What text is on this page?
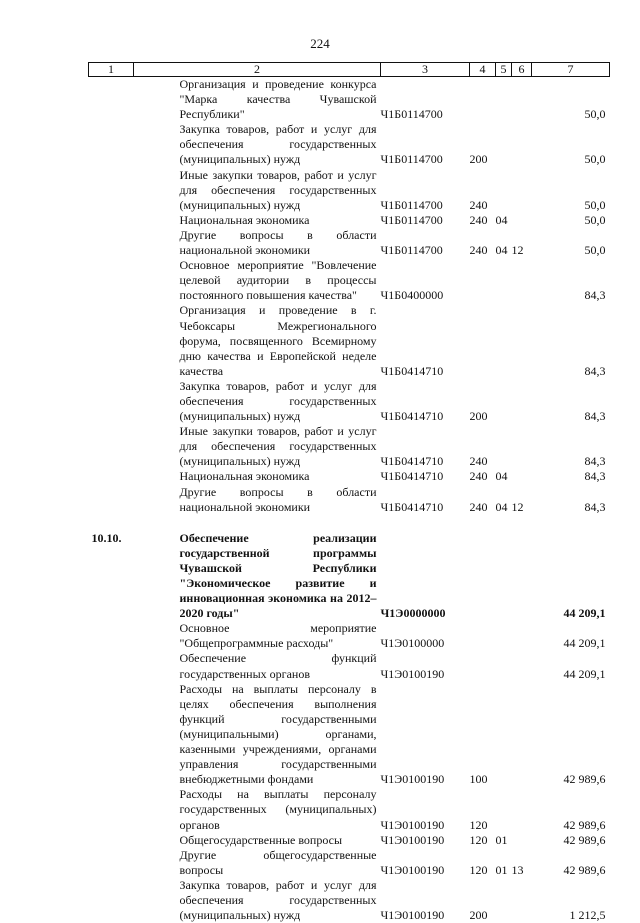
224
1	2	3	4	5	6	7
	Организация и проведение конкурса "Марка качества Чувашской Республики"	Ч1Б0114700				50,0
	Закупка товаров, работ и услуг для обеспечения государственных (муниципальных) нужд	Ч1Б0114700	200			50,0
	Иные закупки товаров, работ и услуг для обеспечения государственных (муниципальных) нужд	Ч1Б0114700	240			50,0
	Национальная экономика	Ч1Б0114700	240	04		50,0
	Другие вопросы в области национальной экономики	Ч1Б0114700	240	04	12	50,0
	Основное мероприятие "Вовлечение целевой аудитории в процессы постоянного повышения качества"	Ч1Б0400000				84,3
	Организация и проведение в г. Чебоксары Межрегионального форума, посвященного Всемирному дню качества и Европейской неделе качества	Ч1Б0414710				84,3
	Закупка товаров, работ и услуг для обеспечения государственных (муниципальных) нужд	Ч1Б0414710	200			84,3
	Иные закупки товаров, работ и услуг для обеспечения государственных (муниципальных) нужд	Ч1Б0414710	240			84,3
	Национальная экономика	Ч1Б0414710	240	04		84,3
	Другие вопросы в области национальной экономики	Ч1Б0414710	240	04	12	84,3

10.10.	Обеспечение реализации государственной программы Чувашской Республики "Экономическое развитие и инновационная экономика на 2012–2020 годы"	Ч1Э0000000				44 209,1
	Основное мероприятие "Общепрограммные расходы"	Ч1Э0100000				44 209,1
	Обеспечение функций государственных органов	Ч1Э0100190				44 209,1
	Расходы на выплаты персоналу в целях обеспечения выполнения функций государственными (муниципальными) органами, казенными учреждениями, органами управления государственными внебюджетными фондами	Ч1Э0100190	100			42 989,6
	Расходы на выплаты персоналу государственных (муниципальных) органов	Ч1Э0100190	120			42 989,6
	Общегосударственные вопросы	Ч1Э0100190	120	01		42 989,6
	Другие общегосударственные вопросы	Ч1Э0100190	120	01	13	42 989,6
	Закупка товаров, работ и услуг для обеспечения государственных (муниципальных) нужд	Ч1Э0100190	200			1 212,5
